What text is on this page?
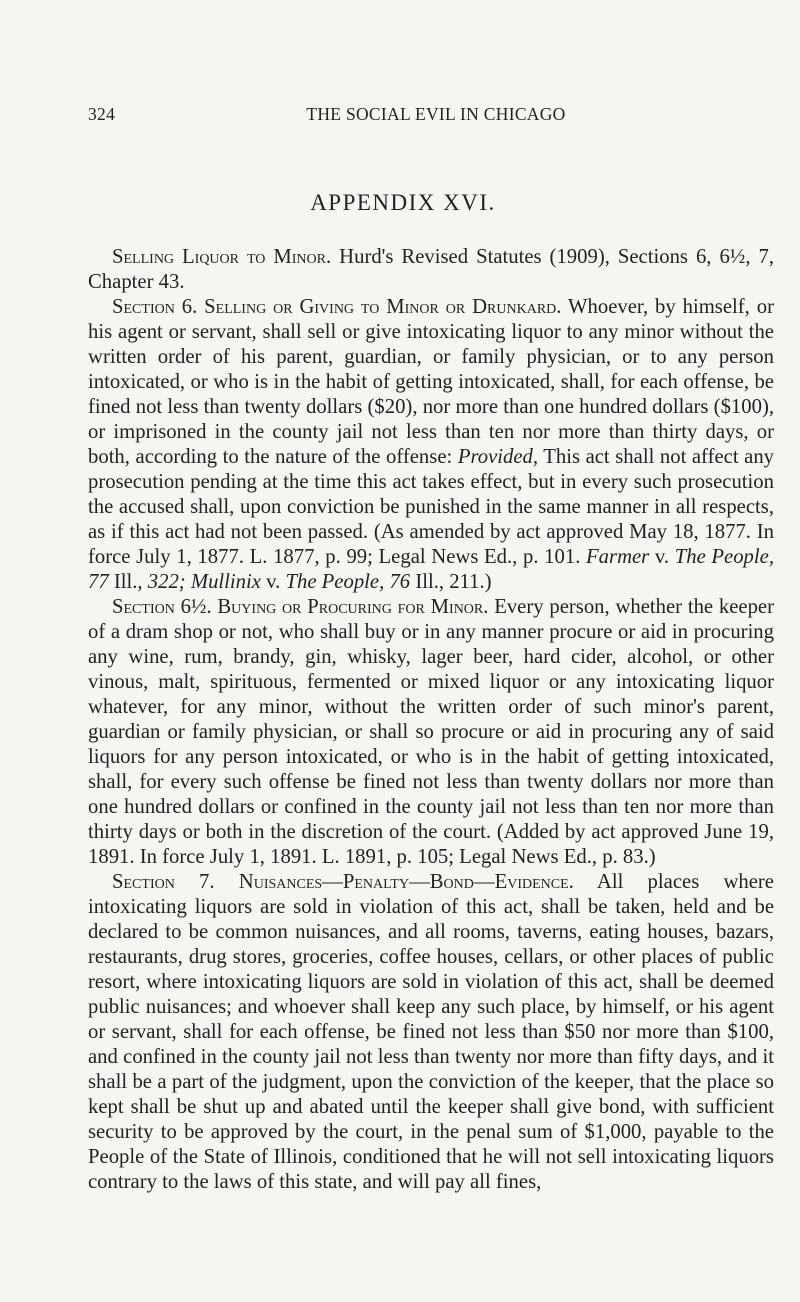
324	THE SOCIAL EVIL IN CHICAGO
APPENDIX XVI.

Selling Liquor to Minor. Hurd's Revised Statutes (1909), Sections 6, 6½, 7, Chapter 43.

Section 6. Selling or Giving to Minor or Drunkard. Whoever, by himself, or his agent or servant, shall sell or give intoxicating liquor to any minor without the written order of his parent, guardian, or family physician, or to any person intoxicated, or who is in the habit of getting intoxicated, shall, for each offense, be fined not less than twenty dollars ($20), nor more than one hundred dollars ($100), or imprisoned in the county jail not less than ten nor more than thirty days, or both, according to the nature of the offense: Provided, This act shall not affect any prosecution pending at the time this act takes effect, but in every such prosecution the accused shall, upon conviction be punished in the same manner in all respects, as if this act had not been passed. (As amended by act approved May 18, 1877. In force July 1, 1877. L. 1877, p. 99; Legal News Ed., p. 101. Farmer v. The People, 77 Ill., 322; Mullinix v. The People, 76 Ill., 211.)

Section 6½. Buying or Procuring for Minor. Every person, whether the keeper of a dram shop or not, who shall buy or in any manner procure or aid in procuring any wine, rum, brandy, gin, whisky, lager beer, hard cider, alcohol, or other vinous, malt, spirituous, fermented or mixed liquor or any intoxicating liquor whatever, for any minor, without the written order of such minor's parent, guardian or family physician, or shall so procure or aid in procuring any of said liquors for any person intoxicated, or who is in the habit of getting intoxicated, shall, for every such offense be fined not less than twenty dollars nor more than one hundred dollars or confined in the county jail not less than ten nor more than thirty days or both in the discretion of the court. (Added by act approved June 19, 1891. In force July 1, 1891. L. 1891, p. 105; Legal News Ed., p. 83.)

Section 7. Nuisances—Penalty—Bond—Evidence. All places where intoxicating liquors are sold in violation of this act, shall be taken, held and be declared to be common nuisances, and all rooms, taverns, eating houses, bazars, restaurants, drug stores, groceries, coffee houses, cellars, or other places of public resort, where intoxicating liquors are sold in violation of this act, shall be deemed public nuisances; and whoever shall keep any such place, by himself, or his agent or servant, shall for each offense, be fined not less than $50 nor more than $100, and confined in the county jail not less than twenty nor more than fifty days, and it shall be a part of the judgment, upon the conviction of the keeper, that the place so kept shall be shut up and abated until the keeper shall give bond, with sufficient security to be approved by the court, in the penal sum of $1,000, payable to the People of the State of Illinois, conditioned that he will not sell intoxicating liquors contrary to the laws of this state, and will pay all fines,
